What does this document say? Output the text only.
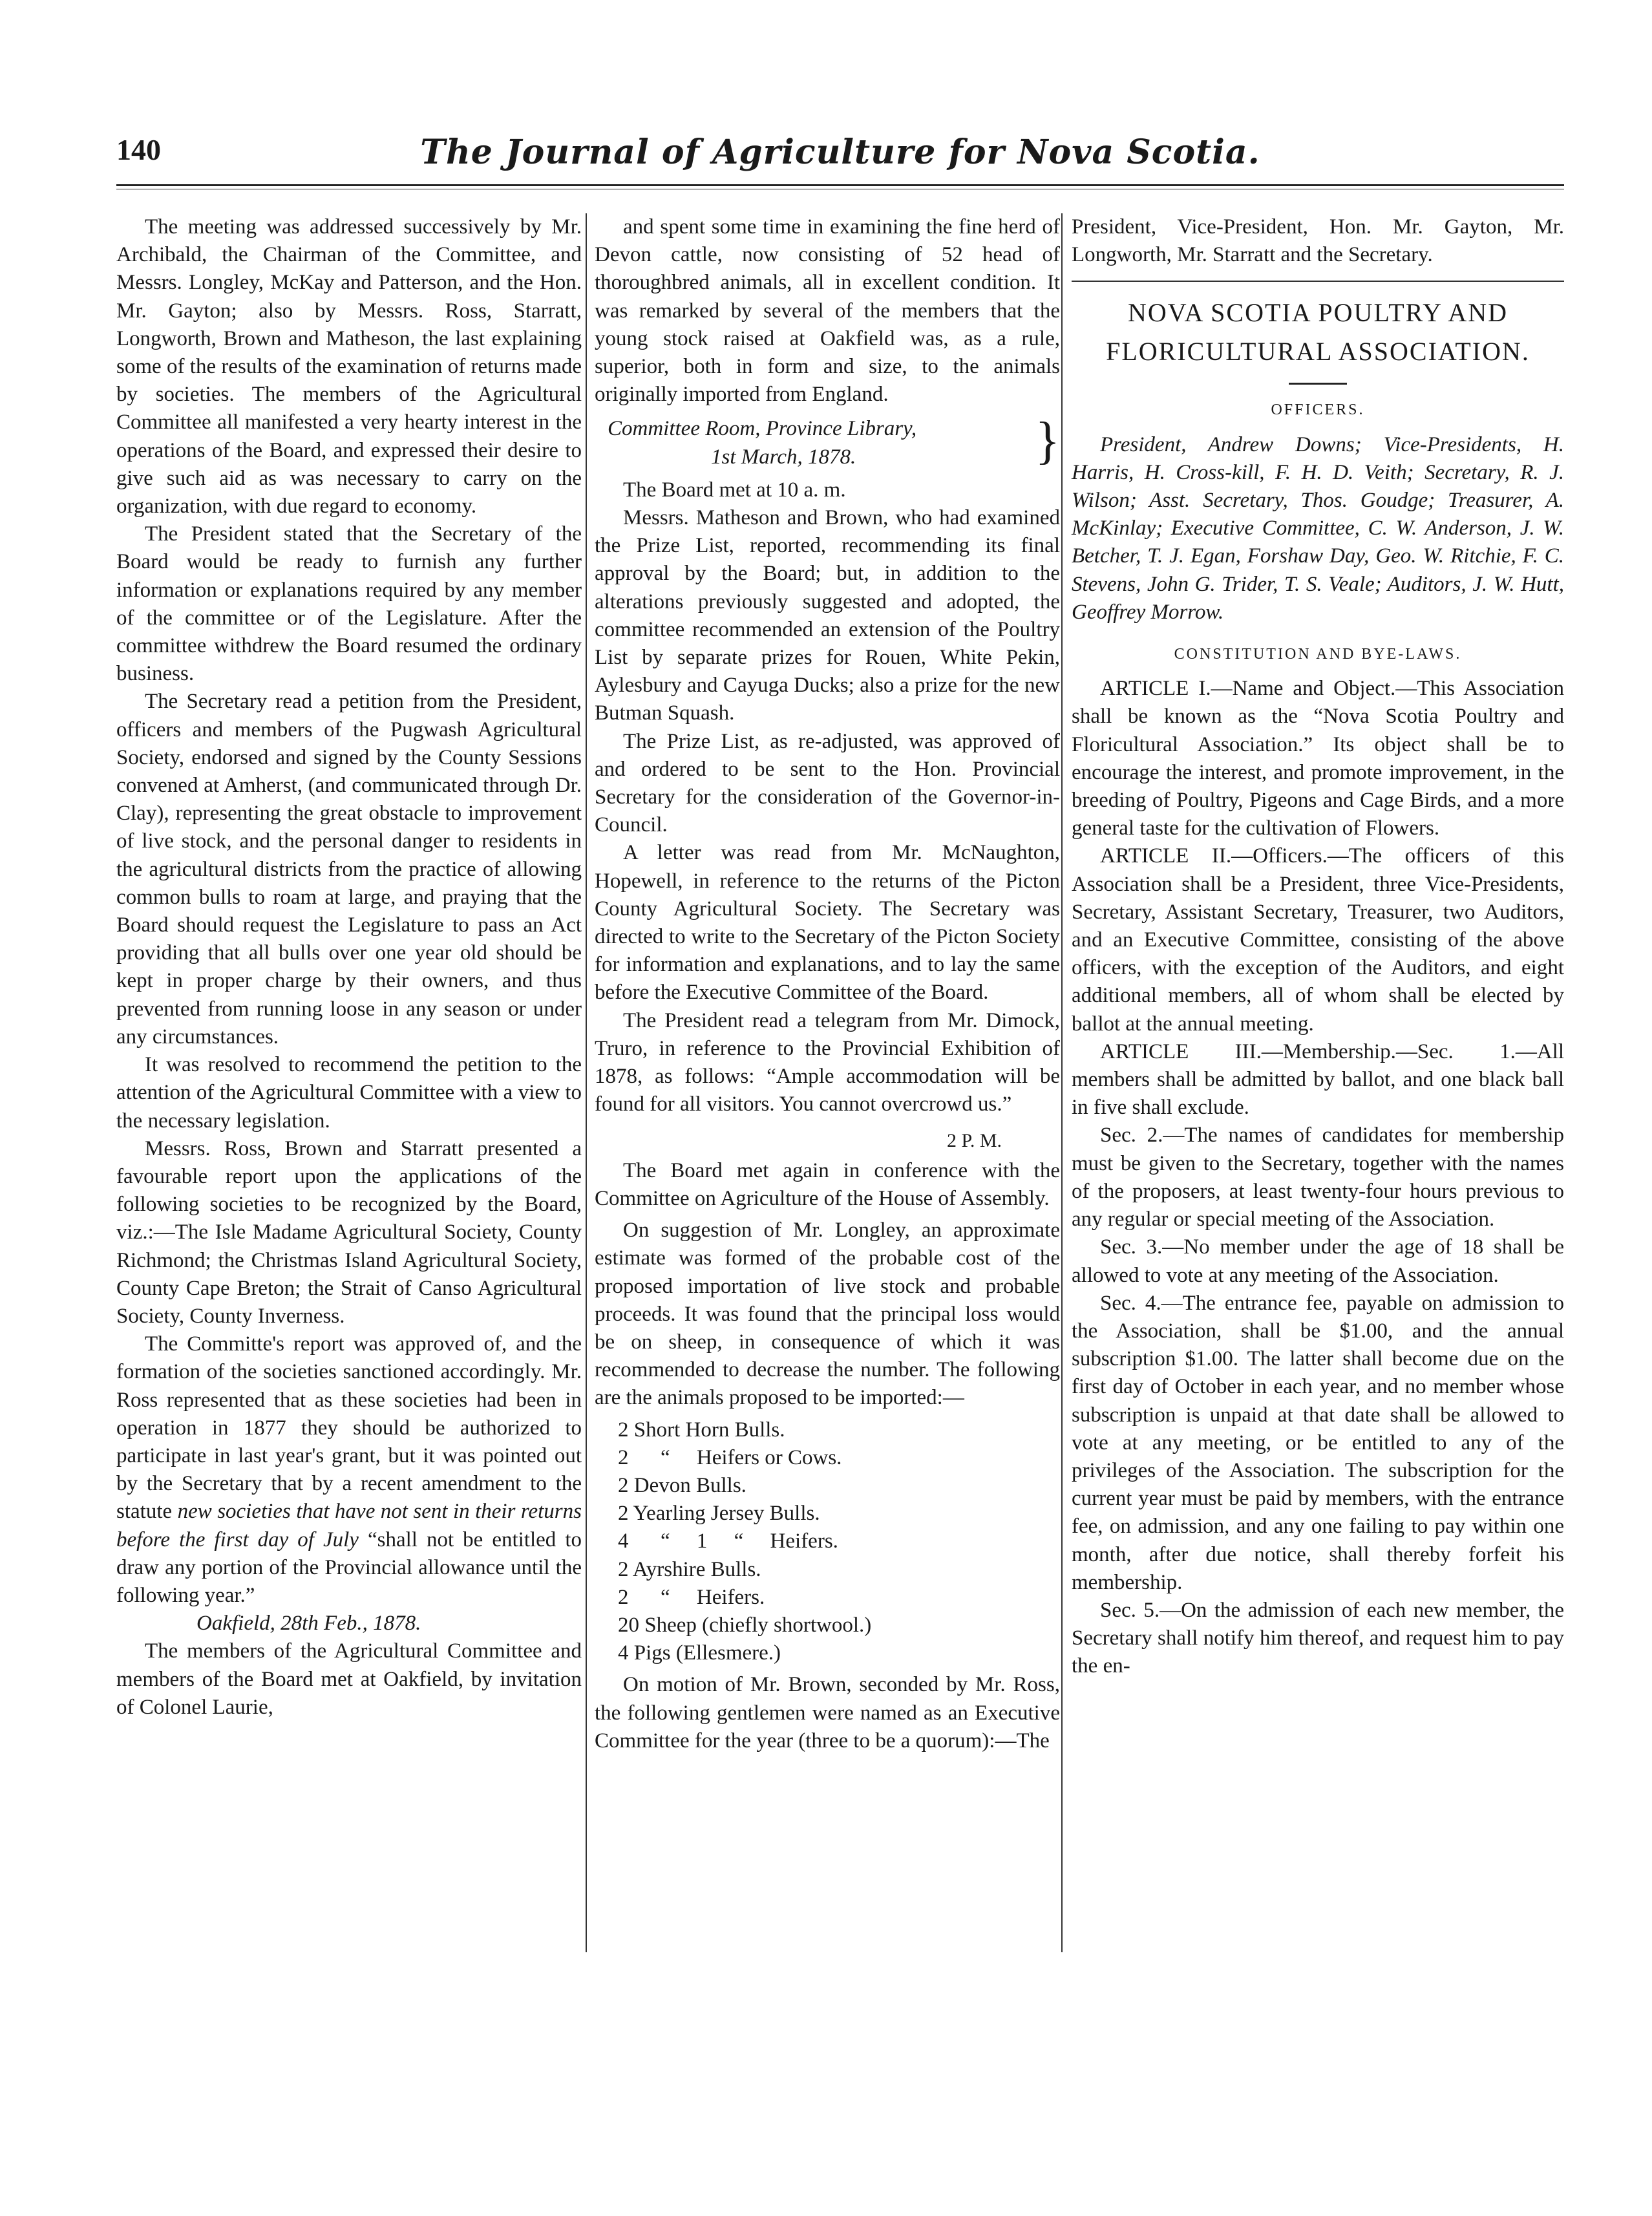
140	The Journal of Agriculture for Nova Scotia.

The meeting was addressed successively by Mr. Archibald, the Chairman of the Committee, and Messrs. Longley, McKay and Patterson, and the Hon. Mr. Gayton; also by Messrs. Ross, Starratt, Longworth, Brown and Matheson, the last explaining some of the results of the examination of returns made by societies. The members of the Agricultural Committee all manifested a very hearty interest in the operations of the Board, and expressed their desire to give such aid as was necessary to carry on the organization, with due regard to economy.

The President stated that the Secretary of the Board would be ready to furnish any further information or explanations required by any member of the committee or of the Legislature. After the committee withdrew the Board resumed the ordinary business.

The Secretary read a petition from the President, officers and members of the Pugwash Agricultural Society, endorsed and signed by the County Sessions convened at Amherst, (and communicated through Dr. Clay), representing the great obstacle to improvement of live stock, and the personal danger to residents in the agricultural districts from the practice of allowing common bulls to roam at large, and praying that the Board should request the Legislature to pass an Act providing that all bulls over one year old should be kept in proper charge by their owners, and thus prevented from running loose in any season or under any circumstances.

It was resolved to recommend the petition to the attention of the Agricultural Committee with a view to the necessary legislation.

Messrs. Ross, Brown and Starratt presented a favourable report upon the applications of the following societies to be recognized by the Board, viz.:—The Isle Madame Agricultural Society, County Richmond; the Christmas Island Agricultural Society, County Cape Breton; the Strait of Canso Agricultural Society, County Inverness.

The Committe's report was approved of, and the formation of the societies sanctioned accordingly. Mr. Ross represented that as these societies had been in operation in 1877 they should be authorized to participate in last year's grant, but it was pointed out by the Secretary that by a recent amendment to the statute new societies that have not sent in their returns before the first day of July “shall not be entitled to draw any portion of the Provincial allowance until the following year.”

Oakfield, 28th Feb., 1878.

The members of the Agricultural Committee and members of the Board met at Oakfield, by invitation of Colonel Laurie,

and spent some time in examining the fine herd of Devon cattle, now consisting of 52 head of thoroughbred animals, all in excellent condition. It was remarked by several of the members that the young stock raised at Oakfield was, as a rule, superior, both in form and size, to the animals originally imported from England.

Committee Room, Province Library,
1st March, 1878.	}

The Board met at 10 a. m.

Messrs. Matheson and Brown, who had examined the Prize List, reported, recommending its final approval by the Board; but, in addition to the alterations previously suggested and adopted, the committee recommended an extension of the Poultry List by separate prizes for Rouen, White Pekin, Aylesbury and Cayuga Ducks; also a prize for the new Butman Squash.

The Prize List, as re-adjusted, was approved of and ordered to be sent to the Hon. Provincial Secretary for the consideration of the Governor-in-Council.

A letter was read from Mr. McNaughton, Hopewell, in reference to the returns of the Picton County Agricultural Society. The Secretary was directed to write to the Secretary of the Picton Society for information and explanations, and to lay the same before the Executive Committee of the Board.

The President read a telegram from Mr. Dimock, Truro, in reference to the Provincial Exhibition of 1878, as follows: “Ample accommodation will be found for all visitors. You cannot overcrowd us.”

2 P. M.

The Board met again in conference with the Committee on Agriculture of the House of Assembly.

On suggestion of Mr. Longley, an approximate estimate was formed of the probable cost of the proposed importation of live stock and probable proceeds. It was found that the principal loss would be on sheep, in consequence of which it was recommended to decrease the number. The following are the animals proposed to be imported:—

2 Short Horn Bulls.
2      “     Heifers or Cows.
2 Devon Bulls.
2 Yearling Jersey Bulls.
4      “     1     “     Heifers.
2 Ayrshire Bulls.
2      “     Heifers.
20 Sheep (chiefly shortwool.)
4 Pigs (Ellesmere.)

On motion of Mr. Brown, seconded by Mr. Ross, the following gentlemen were named as an Executive Committee for the year (three to be a quorum):—The

President, Vice-President, Hon. Mr. Gayton, Mr. Longworth, Mr. Starratt and the Secretary.

NOVA SCOTIA POULTRY AND
FLORICULTURAL ASSOCIATION.
OFFICERS.

President, Andrew Downs; Vice-Presidents, H. Harris, H. Cross-kill, F. H. D. Veith; Secretary, R. J. Wilson; Asst. Secretary, Thos. Goudge; Treasurer, A. McKinlay; Executive Committee, C. W. Anderson, J. W. Betcher, T. J. Egan, Forshaw Day, Geo. W. Ritchie, F. C. Stevens, John G. Trider, T. S. Veale; Auditors, J. W. Hutt, Geoffrey Morrow.

CONSTITUTION AND BYE-LAWS.

ARTICLE I.—Name and Object.—This Association shall be known as the “Nova Scotia Poultry and Floricultural Association.” Its object shall be to encourage the interest, and promote improvement, in the breeding of Poultry, Pigeons and Cage Birds, and a more general taste for the cultivation of Flowers.

ARTICLE II.—Officers.—The officers of this Association shall be a President, three Vice-Presidents, Secretary, Assistant Secretary, Treasurer, two Auditors, and an Executive Committee, consisting of the above officers, with the exception of the Auditors, and eight additional members, all of whom shall be elected by ballot at the annual meeting.

ARTICLE III.—Membership.—Sec. 1.—All members shall be admitted by ballot, and one black ball in five shall exclude.

Sec. 2.—The names of candidates for membership must be given to the Secretary, together with the names of the proposers, at least twenty-four hours previous to any regular or special meeting of the Association.

Sec. 3.—No member under the age of 18 shall be allowed to vote at any meeting of the Association.

Sec. 4.—The entrance fee, payable on admission to the Association, shall be $1.00, and the annual subscription $1.00. The latter shall become due on the first day of October in each year, and no member whose subscription is unpaid at that date shall be allowed to vote at any meeting, or be entitled to any of the privileges of the Association. The subscription for the current year must be paid by members, with the entrance fee, on admission, and any one failing to pay within one month, after due notice, shall thereby forfeit his membership.

Sec. 5.—On the admission of each new member, the Secretary shall notify him thereof, and request him to pay the en-
